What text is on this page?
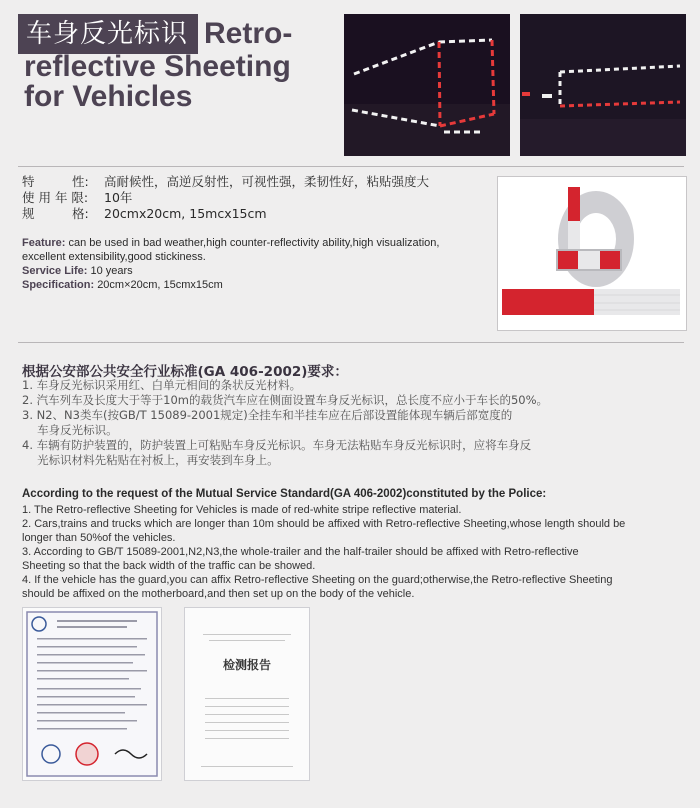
车身反光标识 Retro-
reflective Sheeting
for Vehicles
特　　　性: 高耐候性，高逆反射性，可视性强，柔韧性好，粘贴强度大
使 用 年 限: 10年
规　　　格: 20cmx20cm, 15mcx15cm
Feature: can be used in bad weather,high counter-reflectivity ability,high visualization, excellent extensibility,good stickiness.
Service Life: 10 years
Specification: 20cm×20cm, 15cmx15cm
根据公安部公共安全行业标准(GA 406-2002)要求：
1. 车身反光标识采用红、白单元相间的条状反光材料。
2. 汽车列车及长度大于等于10m的载货汽车应在侧面设置车身反光标识，总长度不应小于车长的50%。
3. N2、N3类车(按GB/T 15089-2001规定)全挂车和半挂车应在后部设置能体现车辆后部宽度的
　 车身反光标识。
4. 车辆有防护装置的，防护装置上可粘贴车身反光标识。车身无法粘贴车身反光标识时，应将车身反
　 光标识材料先粘贴在衬板上，再安装到车身上。
According to the request of the Mutual Service Standard(GA 406-2002)constituted by the Police:
1. The Retro-reflective Sheeting for Vehicles is made of red-white stripe reflective material.
2. Cars,trains and trucks which are longer than 10m should be affixed with Retro-reflective Sheeting,whose length should be
longer than 50%of the vehicles.
3. According to GB/T 15089-2001,N2,N3,the whole-trailer and the half-trailer should be affixed with Retro-reflective
Sheeting so that the back width of the traffic can be showed.
4. If the vehicle has the guard,you can affix Retro-reflective Sheeting on the guard;otherwise,the Retro-reflective Sheeting
should be affixed on the motherboard,and then set up on the body of the vehicle.
检测报告
